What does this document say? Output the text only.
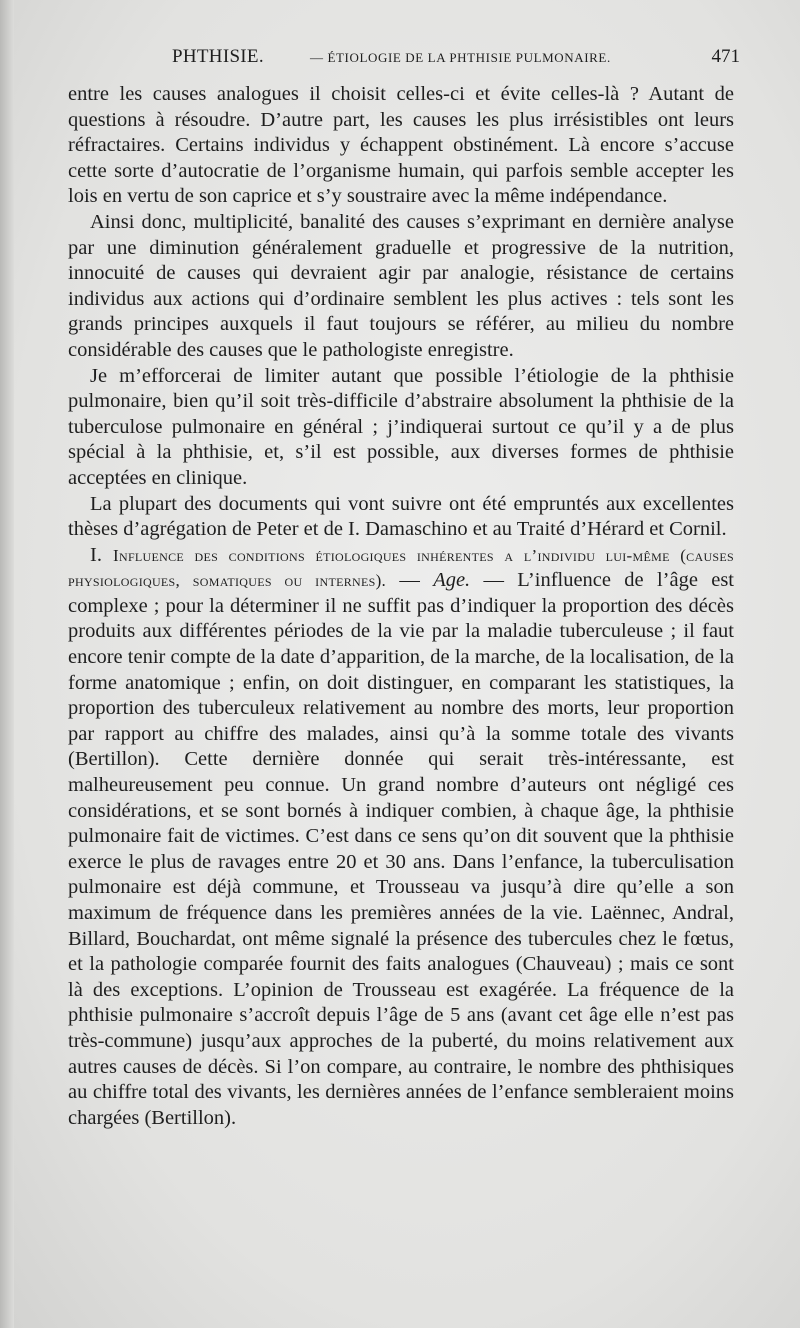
PHTHISIE.	— ÉTIOLOGIE DE LA PHTHISIE PULMONAIRE.	471

entre les causes analogues il choisit celles-ci et évite celles-là ? Autant de questions à résoudre. D’autre part, les causes les plus irrésistibles ont leurs réfractaires. Certains individus y échappent obstinément. Là encore s’accuse cette sorte d’autocratie de l’organisme humain, qui parfois semble accepter les lois en vertu de son caprice et s’y soustraire avec la même indépendance.

Ainsi donc, multiplicité, banalité des causes s’exprimant en dernière analyse par une diminution généralement graduelle et progressive de la nutrition, innocuité de causes qui devraient agir par analogie, résistance de certains individus aux actions qui d’ordinaire semblent les plus actives : tels sont les grands principes auxquels il faut toujours se référer, au milieu du nombre considérable des causes que le pathologiste enregistre.

Je m’efforcerai de limiter autant que possible l’étiologie de la phthisie pulmonaire, bien qu’il soit très-difficile d’abstraire absolument la phthisie de la tuberculose pulmonaire en général ; j’indiquerai surtout ce qu’il y a de plus spécial à la phthisie, et, s’il est possible, aux diverses formes de phthisie acceptées en clinique.

La plupart des documents qui vont suivre ont été empruntés aux excellentes thèses d’agrégation de Peter et de I. Damaschino et au Traité d’Hérard et Cornil.

I. Influence des conditions étiologiques inhérentes a l’individu lui-même (causes physiologiques, somatiques ou internes). — Age. — L’influence de l’âge est complexe ; pour la déterminer il ne suffit pas d’indiquer la proportion des décès produits aux différentes périodes de la vie par la maladie tuberculeuse ; il faut encore tenir compte de la date d’apparition, de la marche, de la localisation, de la forme anatomique ; enfin, on doit distinguer, en comparant les statistiques, la proportion des tuberculeux relativement au nombre des morts, leur proportion par rapport au chiffre des malades, ainsi qu’à la somme totale des vivants (Bertillon). Cette dernière donnée qui serait très-intéressante, est malheureusement peu connue. Un grand nombre d’auteurs ont négligé ces considérations, et se sont bornés à indiquer combien, à chaque âge, la phthisie pulmonaire fait de victimes. C’est dans ce sens qu’on dit souvent que la phthisie exerce le plus de ravages entre 20 et 30 ans. Dans l’enfance, la tuberculisation pulmonaire est déjà commune, et Trousseau va jusqu’à dire qu’elle a son maximum de fréquence dans les premières années de la vie. Laënnec, Andral, Billard, Bouchardat, ont même signalé la présence des tubercules chez le fœtus, et la pathologie comparée fournit des faits analogues (Chauveau) ; mais ce sont là des exceptions. L’opinion de Trousseau est exagérée. La fréquence de la phthisie pulmonaire s’accroît depuis l’âge de 5 ans (avant cet âge elle n’est pas très-commune) jusqu’aux approches de la puberté, du moins relativement aux autres causes de décès. Si l’on compare, au contraire, le nombre des phthisiques au chiffre total des vivants, les dernières années de l’enfance sembleraient moins chargées (Bertillon).
